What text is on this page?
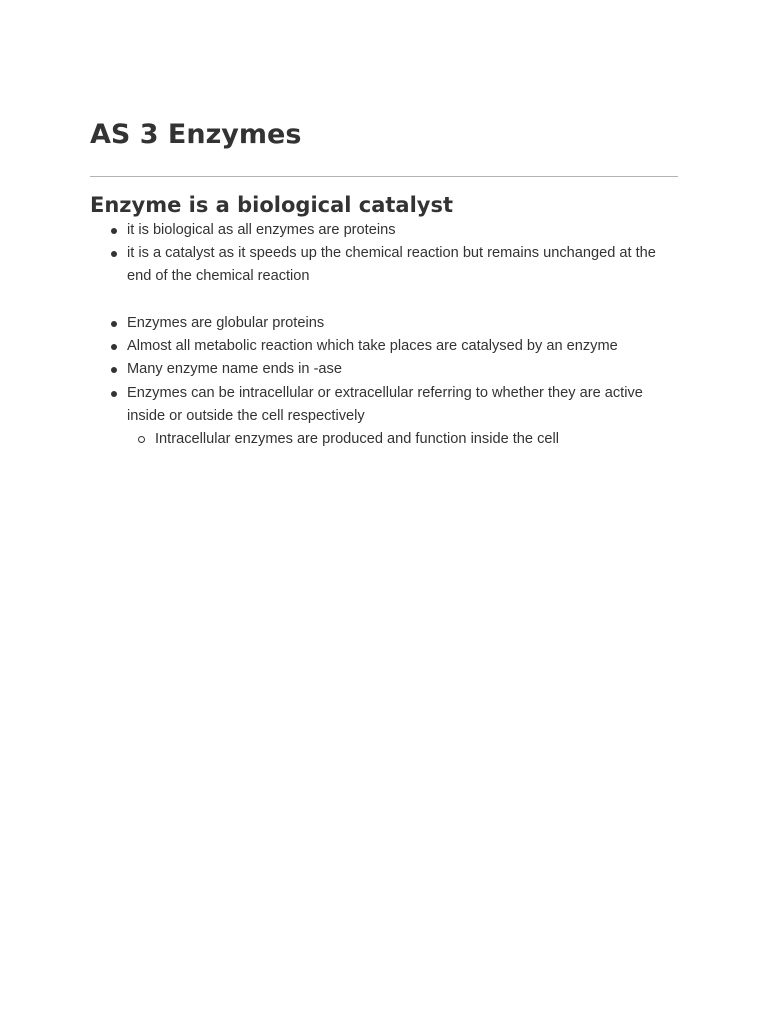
AS 3 Enzymes
Enzyme is a biological catalyst
it is biological as all enzymes are proteins
it is a catalyst as it speeds up the chemical reaction but remains unchanged at the end of the chemical reaction
Enzymes are globular proteins
Almost all metabolic reaction which take places are catalysed by an enzyme
Many enzyme name ends in -ase
Enzymes can be intracellular or extracellular referring to whether they are active inside or outside the cell respectively
Intracellular enzymes are produced and function inside the cell
